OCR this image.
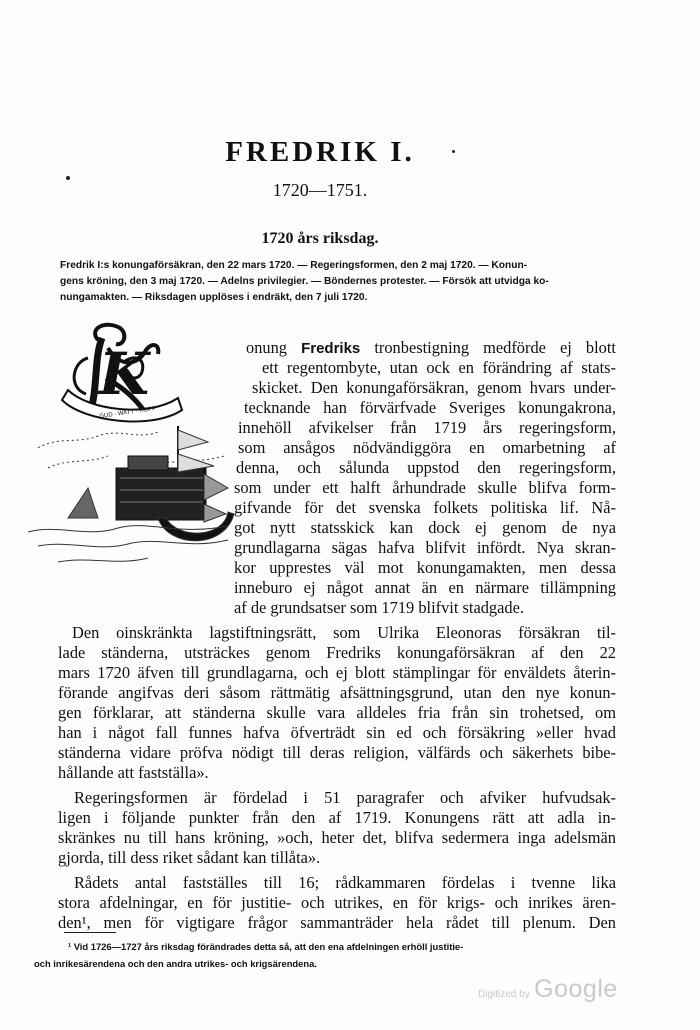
FREDRIK I.
1720—1751.
1720 års riksdag.
Fredrik I:s konungaförsäkran, den 22 mars 1720. — Regeringsformen, den 2 maj 1720. — Konun-
gens kröning, den 3 maj 1720. — Adelns privilegier. — Böndernes protester. — Försök att utvidga ko-
nungamakten. — Riksdagen upplöses i endräkt, den 7 juli 1720.
K
GUD · WATT · HOPP
onung Fredriks tronbestigning medförde ej blott
ett regentombyte, utan ock en förändring af stats-
skicket. Den konungaförsäkran, genom hvars under-
tecknande han förvärfvade Sveriges konungakrona,
innehöll afvikelser från 1719 års regeringsform,
som ansågos nödvändiggöra en omarbetning af
denna, och sålunda uppstod den regeringsform,
som under ett halft århundrade skulle blifva form-
gifvande för det svenska folkets politiska lif. Nå-
got nytt statsskick kan dock ej genom de nya
grundlagarna sägas hafva blifvit infördt. Nya skran-
kor upprestes väl mot konungamakten, men dessa
inneburo ej något annat än en närmare tillämpning
af de grundsatser som 1719 blifvit stadgade.
Den oinskränkta lagstiftningsrätt, som Ulrika Eleonoras försäkran til-
lade ständerna, utsträckes genom Fredriks konungaförsäkran af den 22
mars 1720 äfven till grundlagarna, och ej blott stämplingar för enväldets återin-
förande angifvas deri såsom rättmätig afsättningsgrund, utan den nye konun-
gen förklarar, att ständerna skulle vara alldeles fria från sin trohetsed, om
han i något fall funnes hafva öfverträdt sin ed och försäkring »eller hvad
ständerna vidare pröfva nödigt till deras religion, välfärds och säkerhets bibe-
hållande att fastställa».
Regeringsformen är fördelad i 51 paragrafer och afviker hufvudsak-
ligen i följande punkter från den af 1719. Konungens rätt att adla in-
skränkes nu till hans kröning, »och, heter det, blifva sedermera inga adelsmän
gjorda, till dess riket sådant kan tillåta».
Rådets antal fastställes till 16; rådkammaren fördelas i tvenne lika
stora afdelningar, en för justitie- och utrikes, en för krigs- och inrikes ären-
den¹, men för vigtigare frågor sammanträder hela rådet till plenum. Den
¹ Vid 1726—1727 års riksdag förändrades detta så, att den ena afdelningen erhöll justitie-
och inrikesärendena och den andra utrikes- och krigsärendena.
Digitized by Google
